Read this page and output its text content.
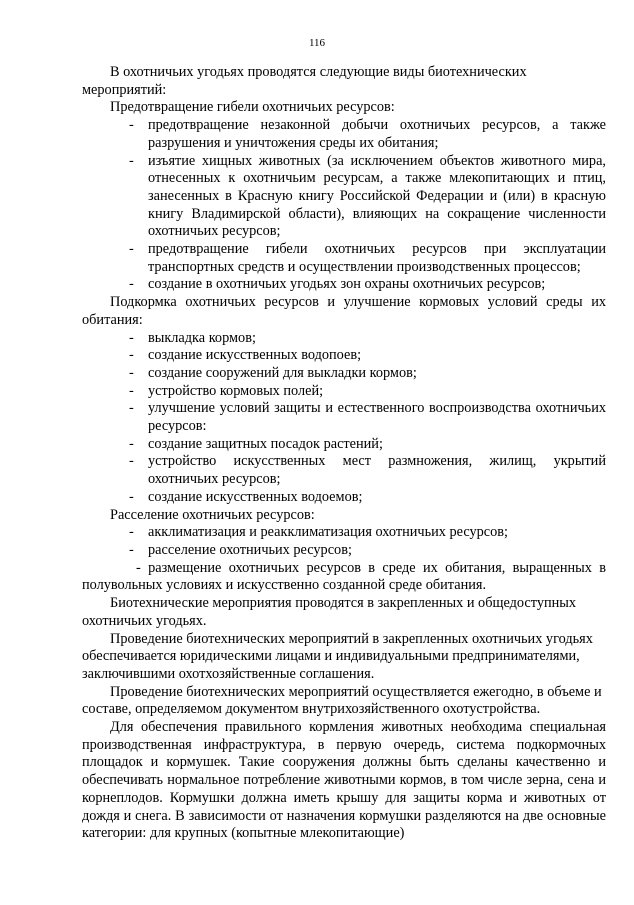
116

В охотничьих угодьях проводятся следующие виды биотехнических мероприятий:

Предотвращение гибели охотничьих ресурсов:

- предотвращение незаконной добычи охотничьих ресурсов, а также разрушения и уничтожения среды их обитания;
- изъятие хищных животных (за исключением объектов животного мира, отнесенных к охотничьим ресурсам, а также млекопитающих и птиц, занесенных в Красную книгу Российской Федерации и (или) в красную книгу Владимирской области), влияющих на сокращение численности охотничьих ресурсов;
- предотвращение гибели охотничьих ресурсов при эксплуатации транспортных средств и осуществлении производственных процессов;
- создание в охотничьих угодьях зон охраны охотничьих ресурсов;

Подкормка охотничьих ресурсов и улучшение кормовых условий среды их обитания:

- выкладка кормов;
- создание искусственных водопоев;
- создание сооружений для выкладки кормов;
- устройство кормовых полей;
- улучшение условий защиты и естественного воспроизводства охотничьих ресурсов:
- создание защитных посадок растений;
- устройство искусственных мест размножения, жилищ, укрытий охотничьих ресурсов;
- создание искусственных водоемов;

Расселение охотничьих ресурсов:

- акклиматизация и реакклиматизация охотничьих ресурсов;
- расселение охотничьих ресурсов;

- размещение охотничьих ресурсов в среде их обитания, выращенных в полувольных условиях и искусственно созданной среде обитания.

Биотехнические мероприятия проводятся в закрепленных и общедоступных охотничьих угодьях.

Проведение биотехнических мероприятий в закрепленных охотничьих угодьях обеспечивается юридическими лицами и индивидуальными предпринимателями, заключившими охотхозяйственные соглашения.

Проведение биотехнических мероприятий осуществляется ежегодно, в объеме и составе, определяемом документом внутрихозяйственного охотустройства.

Для обеспечения правильного кормления животных необходима специальная производственная инфраструктура, в первую очередь, система подкормочных площадок и кормушек. Такие сооружения должны быть сделаны качественно и обеспечивать нормальное потребление животными кормов, в том числе зерна, сена и корнеплодов. Кормушки должна иметь крышу для защиты корма и животных от дождя и снега. В зависимости от назначения кормушки разделяются на две основные категории: для крупных (копытные млекопитающие)
